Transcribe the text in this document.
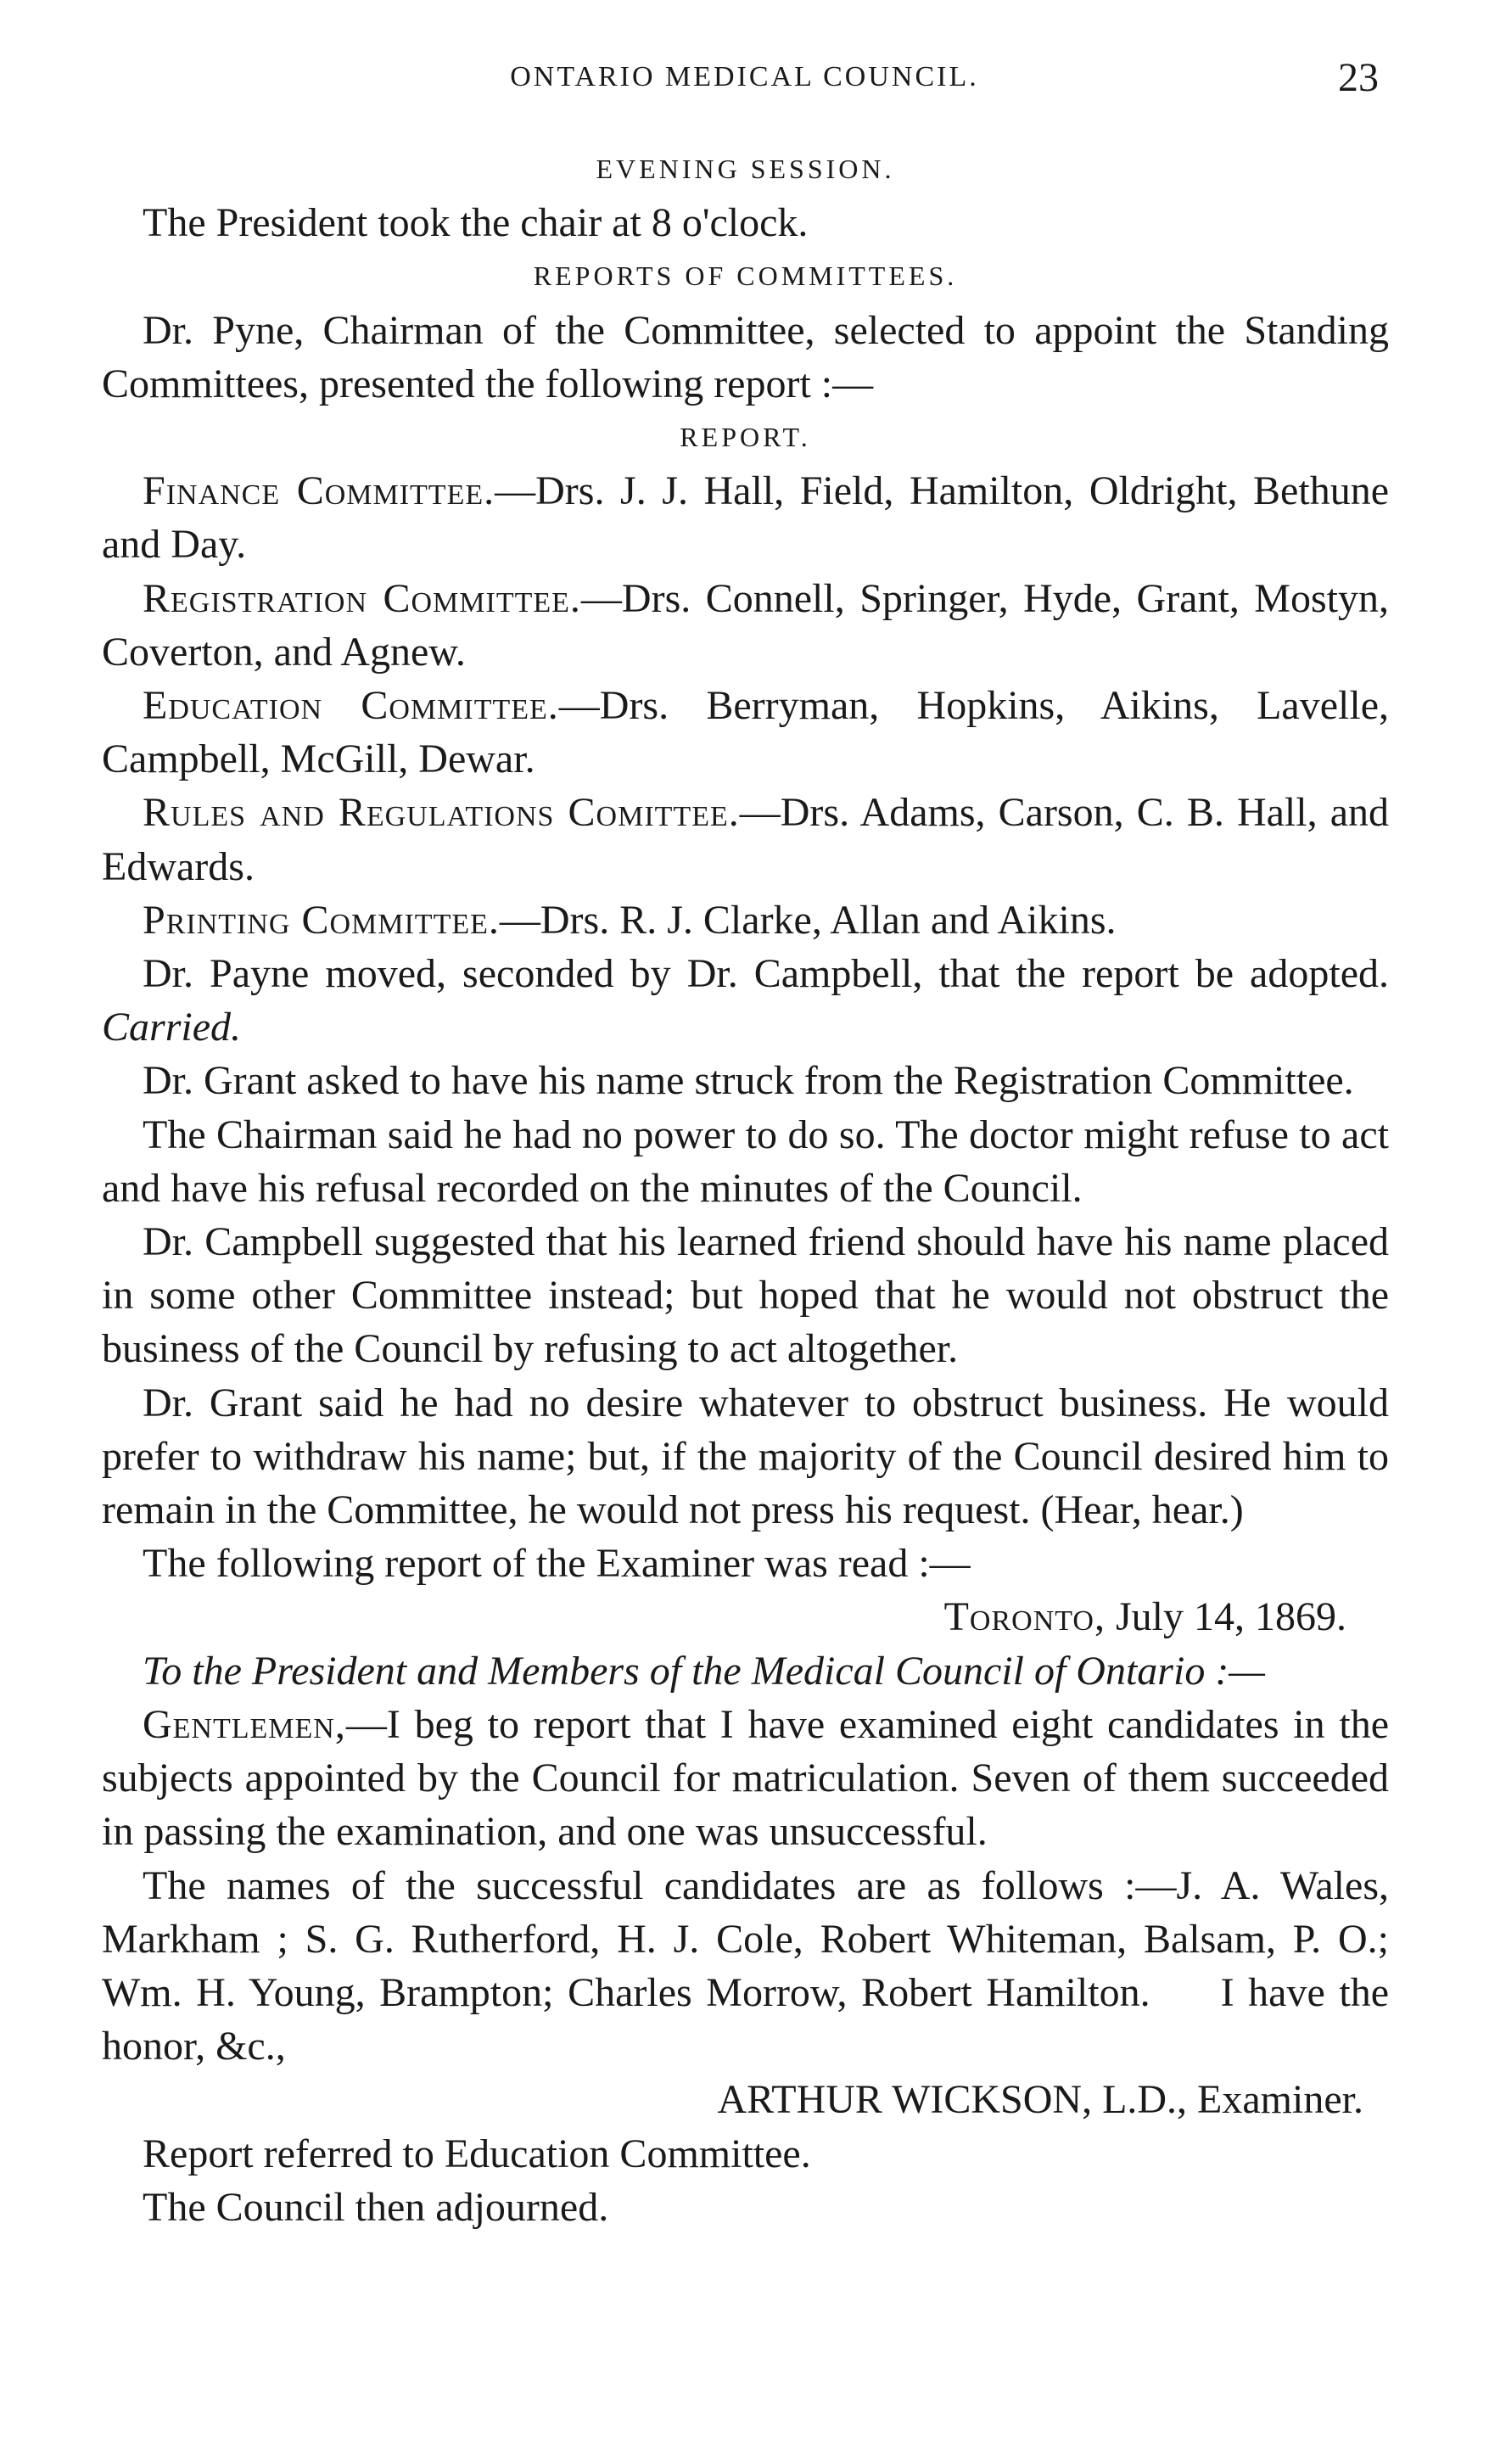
ONTARIO MEDICAL COUNCIL.	23
EVENING SESSION.

The President took the chair at 8 o'clock.

REPORTS OF COMMITTEES.

Dr. Pyne, Chairman of the Committee, selected to appoint the Standing Committees, presented the following report :—

REPORT.

Finance Committee.—Drs. J. J. Hall, Field, Hamilton, Oldright, Bethune and Day.

Registration Committee.—Drs. Connell, Springer, Hyde, Grant, Mostyn, Coverton, and Agnew.

Education Committee.—Drs. Berryman, Hopkins, Aikins, Lavelle, Campbell, McGill, Dewar.

Rules and Regulations Comittee.—Drs. Adams, Carson, C. B. Hall, and Edwards.

Printing Committee.—Drs. R. J. Clarke, Allan and Aikins.

Dr. Payne moved, seconded by Dr. Campbell, that the report be adopted. Carried.

Dr. Grant asked to have his name struck from the Registration Committee.

The Chairman said he had no power to do so. The doctor might refuse to act and have his refusal recorded on the minutes of the Council.

Dr. Campbell suggested that his learned friend should have his name placed in some other Committee instead; but hoped that he would not obstruct the business of the Council by refusing to act altogether.

Dr. Grant said he had no desire whatever to obstruct business. He would prefer to withdraw his name; but, if the majority of the Council desired him to remain in the Committee, he would not press his request. (Hear, hear.)

The following report of the Examiner was read :—

Toronto, July 14, 1869.

To the President and Members of the Medical Council of Ontario :—

Gentlemen,—I beg to report that I have examined eight candidates in the subjects appointed by the Council for matriculation. Seven of them succeeded in passing the examination, and one was unsuccessful.

The names of the successful candidates are as follows :—J. A. Wales, Markham ; S. G. Rutherford, H. J. Cole, Robert Whiteman, Balsam, P. O.; Wm. H. Young, Brampton; Charles Morrow, Robert Hamilton. I have the honor, &c.,

ARTHUR WICKSON, L.D., Examiner.

Report referred to Education Committee.

The Council then adjourned.
